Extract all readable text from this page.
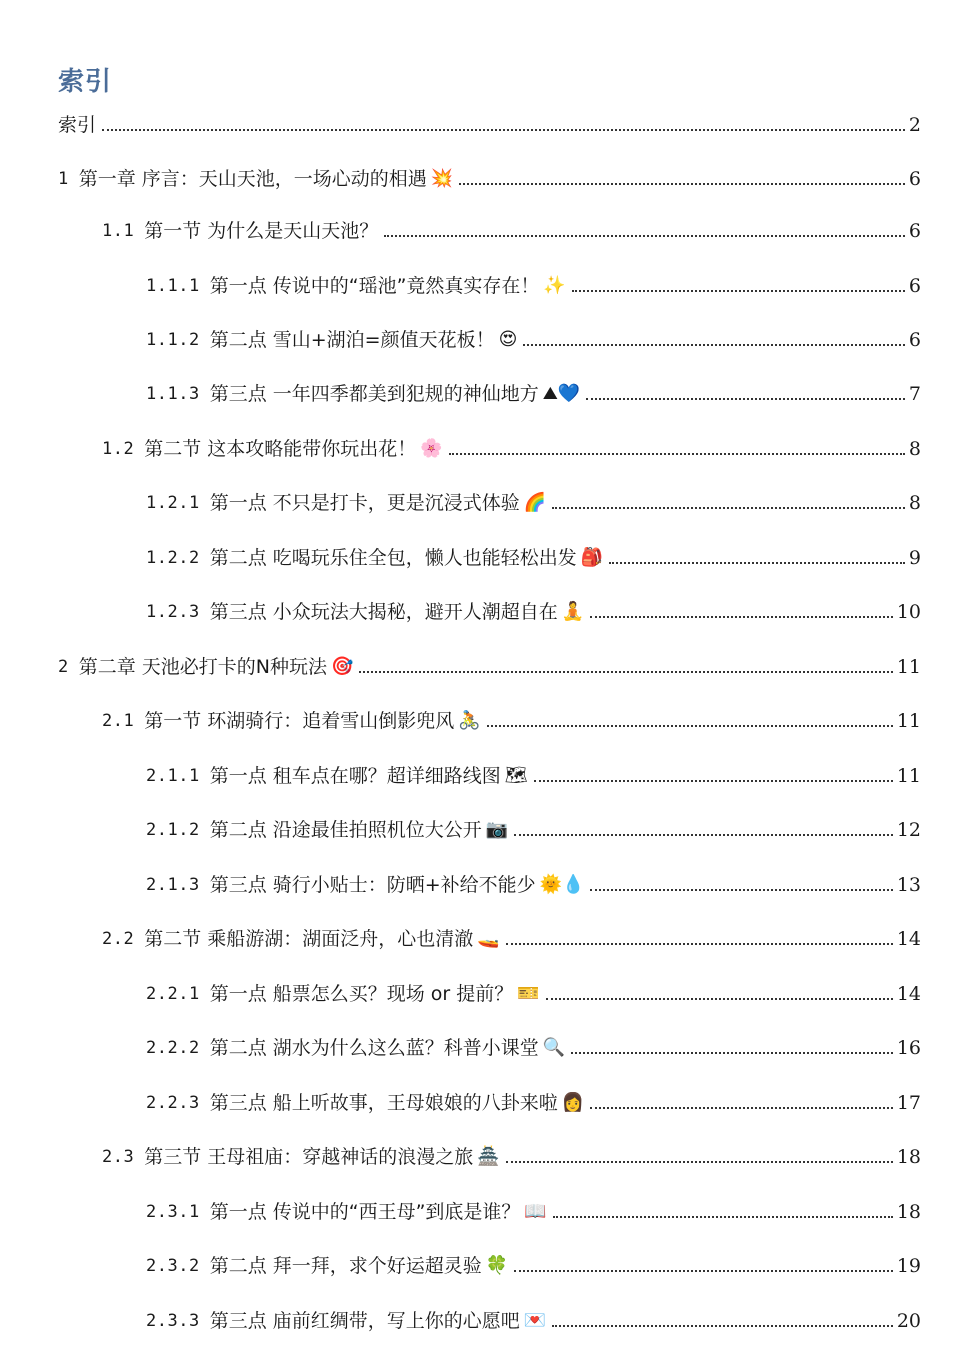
索引
索引	2
1 第一章 序言：天山天池，一场心动的相遇 💥	6
1.1 第一节 为什么是天山天池？	6
1.1.1 第一点 传说中的“瑶池”竟然真实存在！ ✨	6
1.1.2 第二点 雪山+湖泊=颜值天花板！ 😍	6
1.1.3 第三点 一年四季都美到犯规的神仙地方 ⛰💙	7
1.2 第二节 这本攻略能带你玩出花！ 🌸	8
1.2.1 第一点 不只是打卡，更是沉浸式体验 🌈	8
1.2.2 第二点 吃喝玩乐住全包，懒人也能轻松出发 🎒	9
1.2.3 第三点 小众玩法大揭秘，避开人潮超自在 🧘	10
2 第二章 天池必打卡的N种玩法 🎯	11
2.1 第一节 环湖骑行：追着雪山倒影兜风 🚴	11
2.1.1 第一点 租车点在哪？超详细路线图 🗺	11
2.1.2 第二点 沿途最佳拍照机位大公开 📷	12
2.1.3 第三点 骑行小贴士：防晒+补给不能少 🌞💧	13
2.2 第二节 乘船游湖：湖面泛舟，心也清澈 🚤	14
2.2.1 第一点 船票怎么买？现场 or 提前？ 🎫	14
2.2.2 第二点 湖水为什么这么蓝？科普小课堂 🔍	16
2.2.3 第三点 船上听故事，王母娘娘的八卦来啦 👩	17
2.3 第三节 王母祖庙：穿越神话的浪漫之旅 🏯	18
2.3.1 第一点 传说中的“西王母”到底是谁？ 📖	18
2.3.2 第二点 拜一拜，求个好运超灵验 🍀	19
2.3.3 第三点 庙前红绸带，写上你的心愿吧 💌	20
